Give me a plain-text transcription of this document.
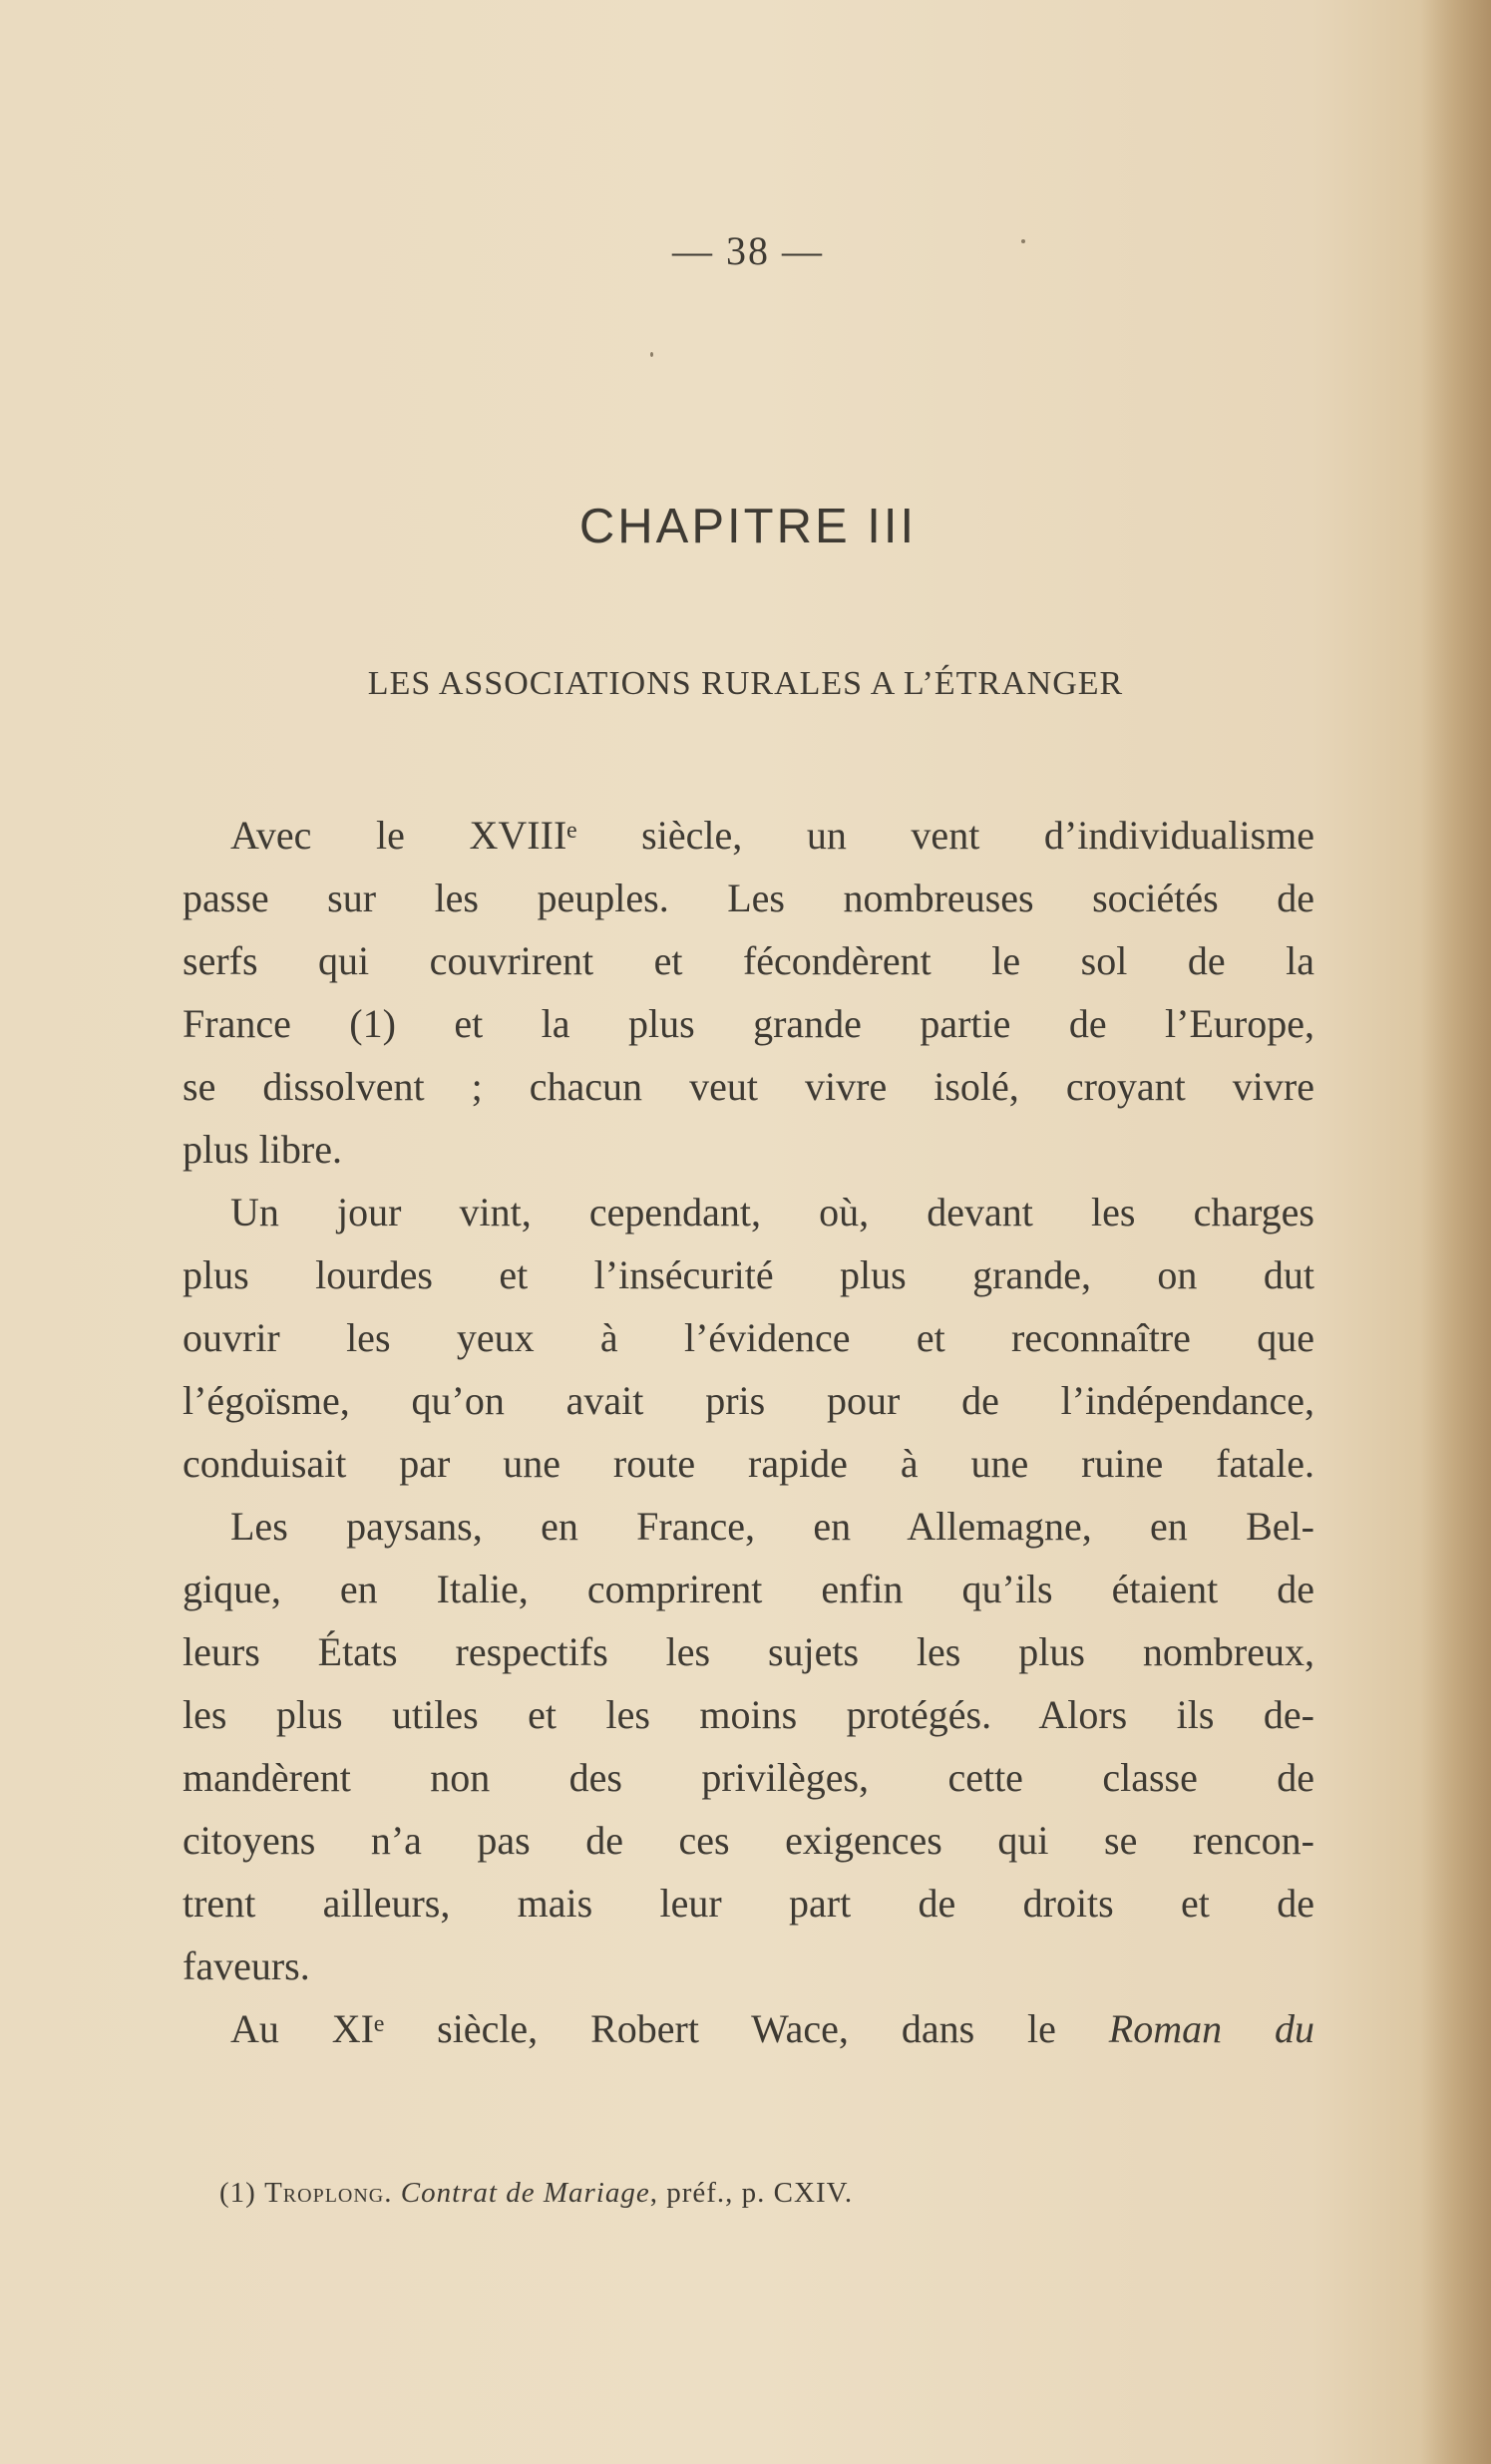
— 38 —
CHAPITRE III
LES ASSOCIATIONS RURALES A L’ÉTRANGER
Avec le XVIIIᵉ siècle, un vent d’individualisme
passe sur les peuples. Les nombreuses sociétés de
serfs qui couvrirent et fécondèrent le sol de la
France (1) et la plus grande partie de l’Europe,
se dissolvent ; chacun veut vivre isolé, croyant vivre
plus libre.
Un jour vint, cependant, où, devant les charges
plus lourdes et l’insécurité plus grande, on dut
ouvrir les yeux à l’évidence et reconnaître que
l’égoïsme, qu’on avait pris pour de l’indépendance,
conduisait par une route rapide à une ruine fatale.
Les paysans, en France, en Allemagne, en Bel-
gique, en Italie, comprirent enfin qu’ils étaient de
leurs États respectifs les sujets les plus nombreux,
les plus utiles et les moins protégés. Alors ils de-
mandèrent non des privilèges, cette classe de
citoyens n’a pas de ces exigences qui se rencon-
trent ailleurs, mais leur part de droits et de
faveurs.
Au XIᵉ siècle, Robert Wace, dans le Roman du
(1) Troplong. Contrat de Mariage, préf., p. CXIV.
